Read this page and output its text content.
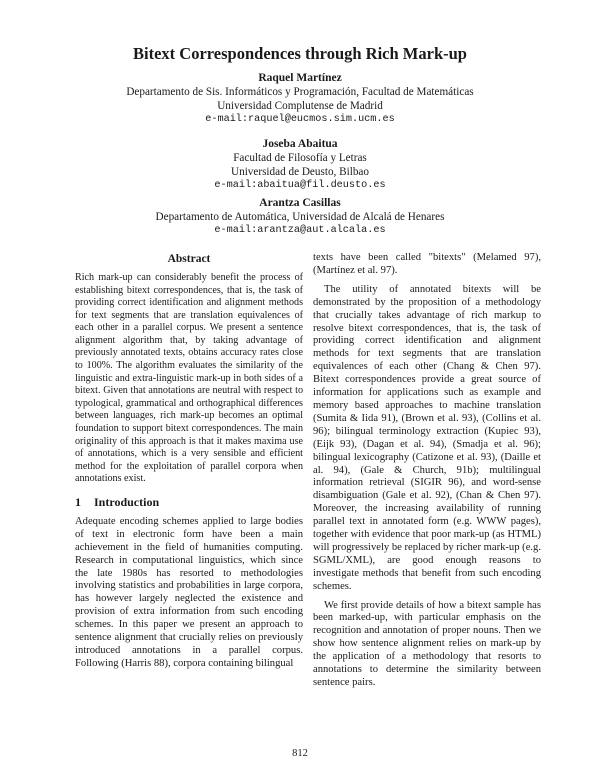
Bitext Correspondences through Rich Mark-up
Raquel Martínez
Departamento de Sis. Informáticos y Programación, Facultad de Matemáticas
Universidad Complutense de Madrid
e-mail:raquel@eucmos.sim.ucm.es
Joseba Abaitua
Facultad de Filosofía y Letras
Universidad de Deusto, Bilbao
e-mail:abaitua@fil.deusto.es
Arantza Casillas
Departamento de Automática, Universidad de Alcalá de Henares
e-mail:arantza@aut.alcala.es
Abstract

Rich mark-up can considerably benefit the process of establishing bitext correspondences, that is, the task of providing correct identification and alignment methods for text segments that are translation equivalences of each other in a parallel corpus. We present a sentence alignment algorithm that, by taking advantage of previously annotated texts, obtains accuracy rates close to 100%. The algorithm evaluates the similarity of the linguistic and extra-linguistic mark-up in both sides of a bitext. Given that annotations are neutral with respect to typological, grammatical and orthographical differences between languages, rich mark-up becomes an optimal foundation to support bitext correspondences. The main originality of this approach is that it makes maxima use of annotations, which is a very sensible and efficient method for the exploitation of parallel corpora when annotations exist.

1 Introduction

Adequate encoding schemes applied to large bodies of text in electronic form have been a main achievement in the field of humanities computing. Research in computational linguistics, which since the late 1980s has resorted to methodologies involving statistics and probabilities in large corpora, has however largely neglected the existence and provision of extra information from such encoding schemes. In this paper we present an approach to sentence alignment that crucially relies on previously introduced annotations in a parallel corpus. Following (Harris 88), corpora containing bilingual

texts have been called "bitexts" (Melamed 97), (Martínez et al. 97).

The utility of annotated bitexts will be demonstrated by the proposition of a methodology that crucially takes advantage of rich markup to resolve bitext correspondences, that is, the task of providing correct identification and alignment methods for text segments that are translation equivalences of each other (Chang & Chen 97). Bitext correspondences provide a great source of information for applications such as example and memory based approaches to machine translation (Sumita & Iida 91), (Brown et al. 93), (Collins et al. 96); bilingual terminology extraction (Kupiec 93), (Eijk 93), (Dagan et al. 94), (Smadja et al. 96); bilingual lexicography (Catizone et al. 93), (Daille et al. 94), (Gale & Church, 91b); multilingual information retrieval (SIGIR 96), and word-sense disambiguation (Gale et al. 92), (Chan & Chen 97). Moreover, the increasing availability of running parallel text in annotated form (e.g. WWW pages), together with evidence that poor mark-up (as HTML) will progressively be replaced by richer mark-up (e.g. SGML/XML), are good enough reasons to investigate methods that benefit from such encoding schemes.

We first provide details of how a bitext sample has been marked-up, with particular emphasis on the recognition and annotation of proper nouns. Then we show how sentence alignment relies on mark-up by the application of a methodology that resorts to annotations to determine the similarity between sentence pairs.

812
